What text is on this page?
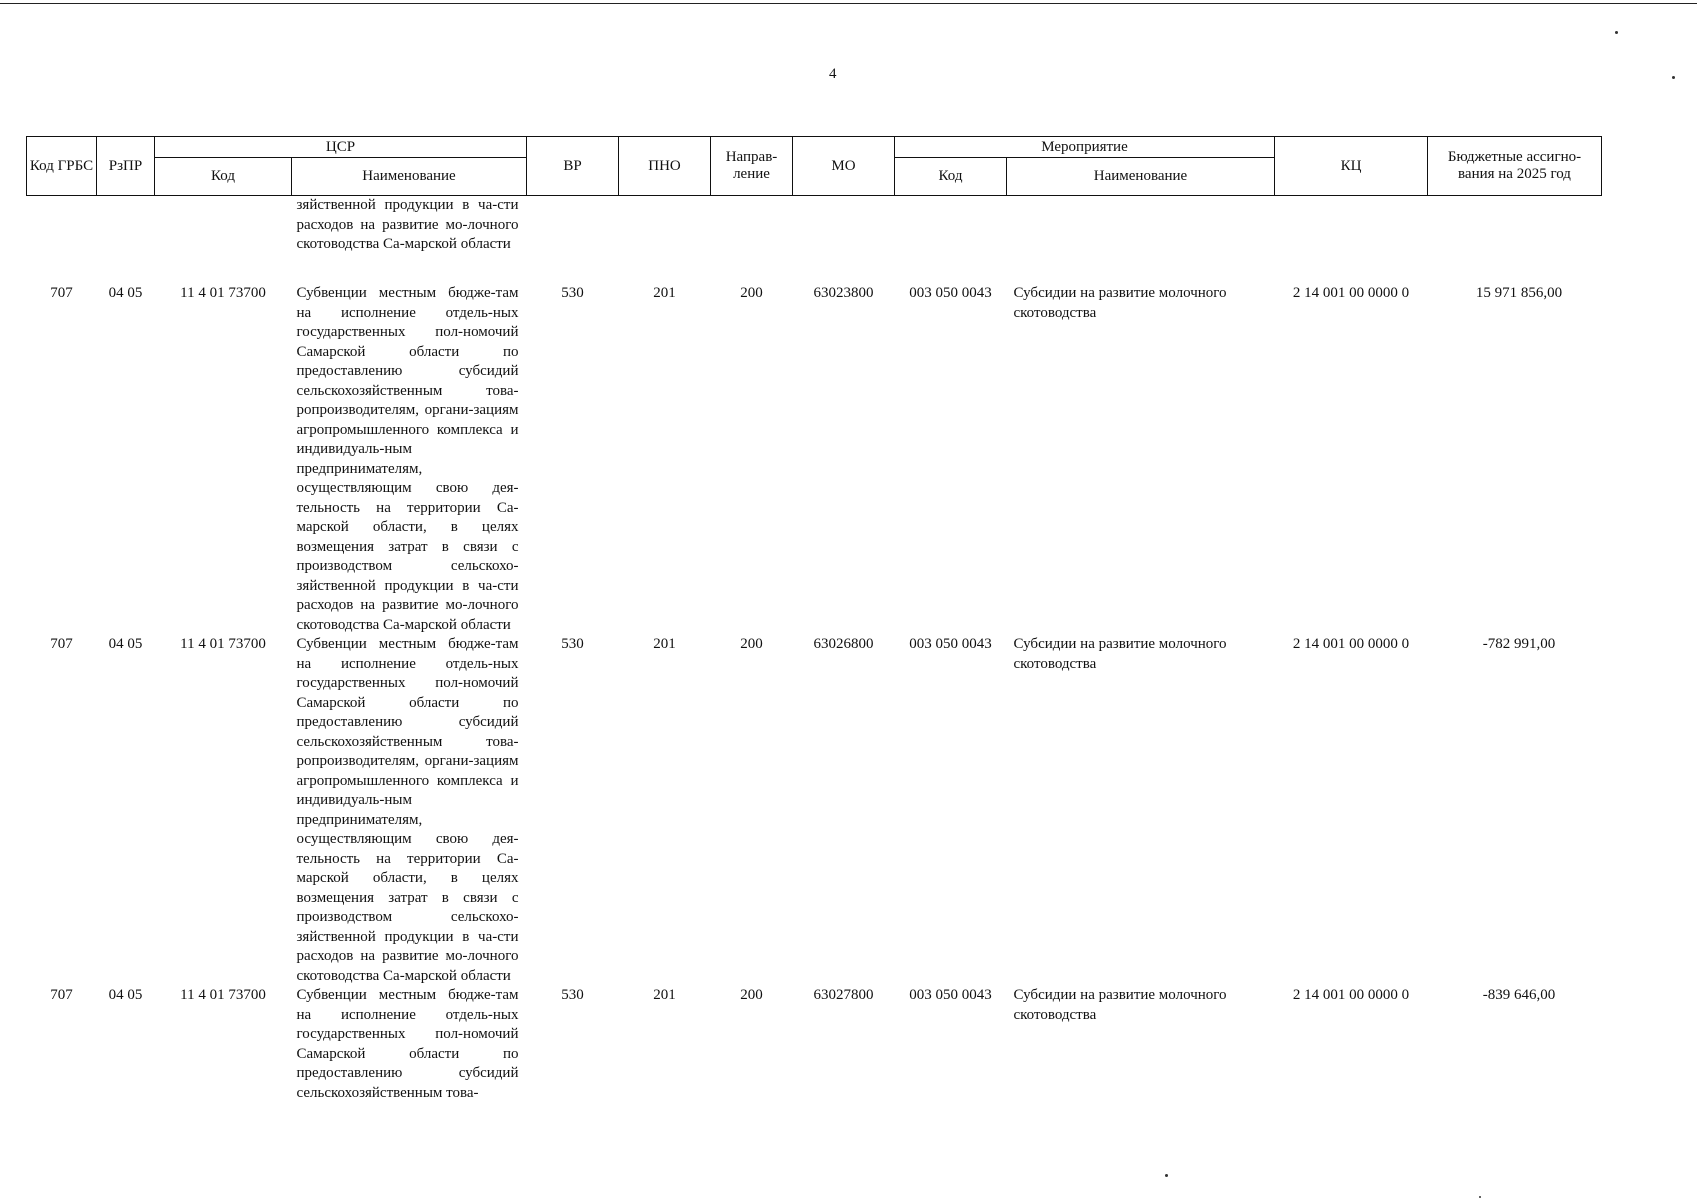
4
Код ГРБС	РзПР	ЦСР		ВР	ПНО	Направ-ление	МО	Мероприятие		КЦ	Бюджетные ассигно-вания на 2025 год
		Код	Наименование					Код	Наименование		
			зяйственной продукции в ча-сти расходов на развитие мо-лочного скотоводства Са-марской области								
707	04 05	11 4 01 73700	Субвенции местным бюдже-там на исполнение отдель-ных государственных пол-номочий Самарской области по предоставлению субсидий сельскохозяйственным това-ропроизводителям, органи-зациям агропромышленного комплекса и индивидуаль-ным предпринимателям, осуществляющим свою дея-тельность на территории Са-марской области, в целях возмещения затрат в связи с производством сельскохо-зяйственной продукции в ча-сти расходов на развитие мо-лочного скотоводства Са-марской области	530	201	200	63023800	003 050 0043	Субсидии на развитие молочного скотоводства	2 14 001 00 0000 0	15 971 856,00
707	04 05	11 4 01 73700	Субвенции местным бюдже-там на исполнение отдель-ных государственных пол-номочий Самарской области по предоставлению субсидий сельскохозяйственным това-ропроизводителям, органи-зациям агропромышленного комплекса и индивидуаль-ным предпринимателям, осуществляющим свою дея-тельность на территории Са-марской области, в целях возмещения затрат в связи с производством сельскохо-зяйственной продукции в ча-сти расходов на развитие мо-лочного скотоводства Са-марской области	530	201	200	63026800	003 050 0043	Субсидии на развитие молочного скотоводства	2 14 001 00 0000 0	-782 991,00
707	04 05	11 4 01 73700	Субвенции местным бюдже-там на исполнение отдель-ных государственных пол-номочий Самарской области по предоставлению субсидий сельскохозяйственным това-	530	201	200	63027800	003 050 0043	Субсидии на развитие молочного скотоводства	2 14 001 00 0000 0	-839 646,00
